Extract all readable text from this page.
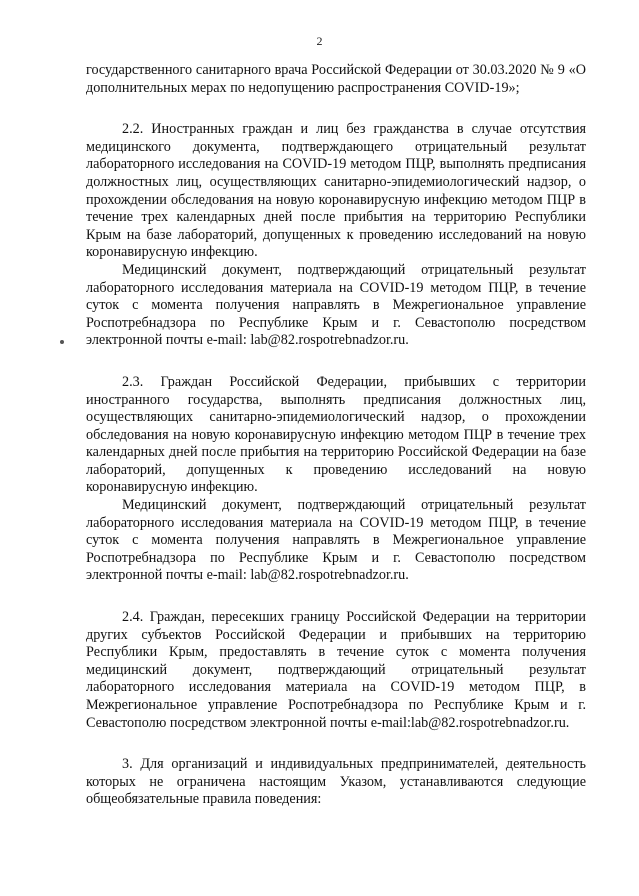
2

государственного санитарного врача Российской Федерации от 30.03.2020 № 9 «О дополнительных мерах по недопущению распространения COVID-19»;

2.2. Иностранных граждан и лиц без гражданства в случае отсутствия медицинского документа, подтверждающего отрицательный результат лабораторного исследования на COVID-19 методом ПЦР, выполнять предписания должностных лиц, осуществляющих санитарно-эпидемиологический надзор, о прохождении обследования на новую коронавирусную инфекцию методом ПЦР в течение трех календарных дней после прибытия на территорию Республики Крым на базе лабораторий, допущенных к проведению исследований на новую коронавирусную инфекцию.

Медицинский документ, подтверждающий отрицательный результат лабораторного исследования материала на COVID-19 методом ПЦР, в течение суток с момента получения направлять в Межрегиональное управление Роспотребнадзора по Республике Крым и г. Севастополю посредством электронной почты e-mail: lab@82.rospotrebnadzor.ru.

2.3. Граждан Российской Федерации, прибывших с территории иностранного государства, выполнять предписания должностных лиц, осуществляющих санитарно-эпидемиологический надзор, о прохождении обследования на новую коронавирусную инфекцию методом ПЦР в течение трех календарных дней после прибытия на территорию Российской Федерации на базе лабораторий, допущенных к проведению исследований на новую коронавирусную инфекцию.

Медицинский документ, подтверждающий отрицательный результат лабораторного исследования материала на COVID-19 методом ПЦР, в течение суток с момента получения направлять в Межрегиональное управление Роспотребнадзора по Республике Крым и г. Севастополю посредством электронной почты e-mail: lab@82.rospotrebnadzor.ru.

2.4. Граждан, пересекших границу Российской Федерации на территории других субъектов Российской Федерации и прибывших на территорию Республики Крым, предоставлять в течение суток с момента получения медицинский документ, подтверждающий отрицательный результат лабораторного исследования материала на COVID-19 методом ПЦР, в Межрегиональное управление Роспотребнадзора по Республике Крым и г. Севастополю посредством электронной почты e-mail:lab@82.rospotrebnadzor.ru.

3. Для организаций и индивидуальных предпринимателей, деятельность которых не ограничена настоящим Указом, устанавливаются следующие общеобязательные правила поведения:
